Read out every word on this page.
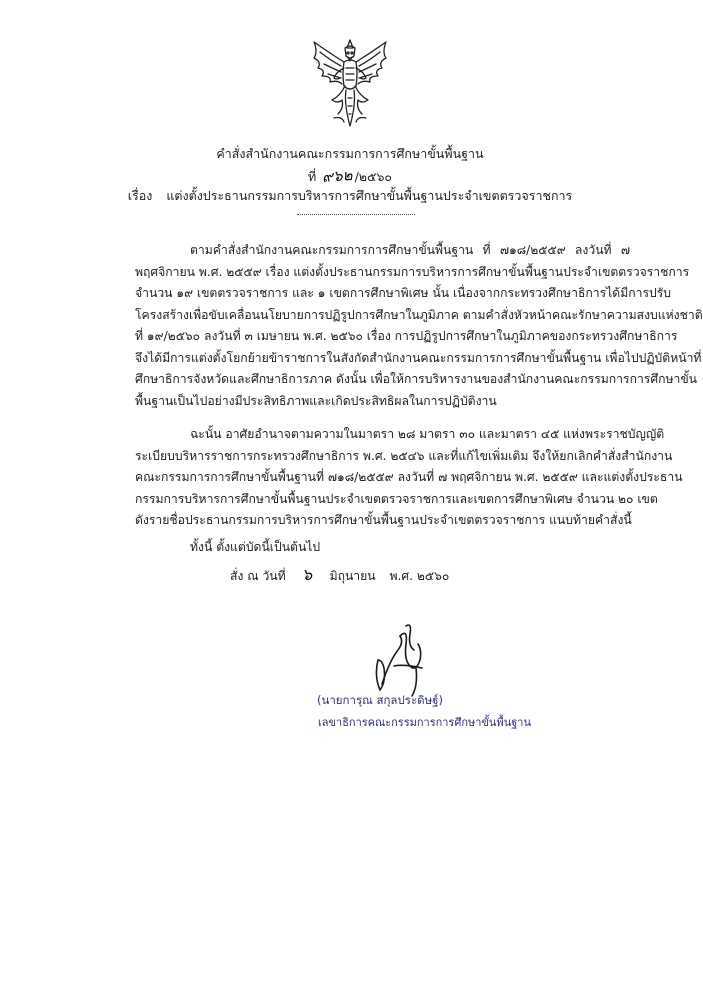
คำสั่งสำนักงานคณะกรรมการการศึกษาขั้นพื้นฐาน
ที่ ๙๖๒/๒๕๖๐
เรื่อง แต่งตั้งประธานกรรมการบริหารการศึกษาขั้นพื้นฐานประจำเขตตรวจราชการ
ตามคำสั่งสำนักงานคณะกรรมการการศึกษาขั้นพื้นฐาน ที่ ๗๑๘/๒๕๕๙ ลงวันที่ ๗
พฤศจิกายน พ.ศ. ๒๕๕๙ เรื่อง แต่งตั้งประธานกรรมการบริหารการศึกษาขั้นพื้นฐานประจำเขตตรวจราชการ
จำนวน ๑๙ เขตตรวจราชการ และ ๑ เขตการศึกษาพิเศษ นั้น เนื่องจากกระทรวงศึกษาธิการได้มีการปรับ
โครงสร้างเพื่อขับเคลื่อนนโยบายการปฏิรูปการศึกษาในภูมิภาค ตามคำสั่งหัวหน้าคณะรักษาความสงบแห่งชาติ
ที่ ๑๙/๒๕๖๐ ลงวันที่ ๓ เมษายน พ.ศ. ๒๕๖๐ เรื่อง การปฏิรูปการศึกษาในภูมิภาคของกระทรวงศึกษาธิการ
จึงได้มีการแต่งตั้งโยกย้ายข้าราชการในสังกัดสำนักงานคณะกรรมการการศึกษาขั้นพื้นฐาน เพื่อไปปฏิบัติหน้าที่
ศึกษาธิการจังหวัดและศึกษาธิการภาค ดังนั้น เพื่อให้การบริหารงานของสำนักงานคณะกรรมการการศึกษาขั้น
พื้นฐานเป็นไปอย่างมีประสิทธิภาพและเกิดประสิทธิผลในการปฏิบัติงาน
ฉะนั้น อาศัยอำนาจตามความในมาตรา ๒๘ มาตรา ๓๐ และมาตรา ๔๕ แห่งพระราชบัญญัติ
ระเบียบบริหารราชการกระทรวงศึกษาธิการ พ.ศ. ๒๕๔๖ และที่แก้ไขเพิ่มเติม จึงให้ยกเลิกคำสั่งสำนักงาน
คณะกรรมการการศึกษาขั้นพื้นฐานที่ ๗๑๘/๒๕๕๙ ลงวันที่ ๗ พฤศจิกายน พ.ศ. ๒๕๕๙ และแต่งตั้งประธาน
กรรมการบริหารการศึกษาขั้นพื้นฐานประจำเขตตรวจราชการและเขตการศึกษาพิเศษ จำนวน ๒๐ เขต
ดังรายชื่อประธานกรรมการบริหารการศึกษาขั้นพื้นฐานประจำเขตตรวจราชการ แนบท้ายคำสั่งนี้
ทั้งนี้ ตั้งแต่บัดนี้เป็นต้นไป
สั่ง ณ วันที่ ๖ มิถุนายน พ.ศ. ๒๕๖๐
(นายการุณ สกุลประดิษฐ์)
เลขาธิการคณะกรรมการการศึกษาขั้นพื้นฐาน
